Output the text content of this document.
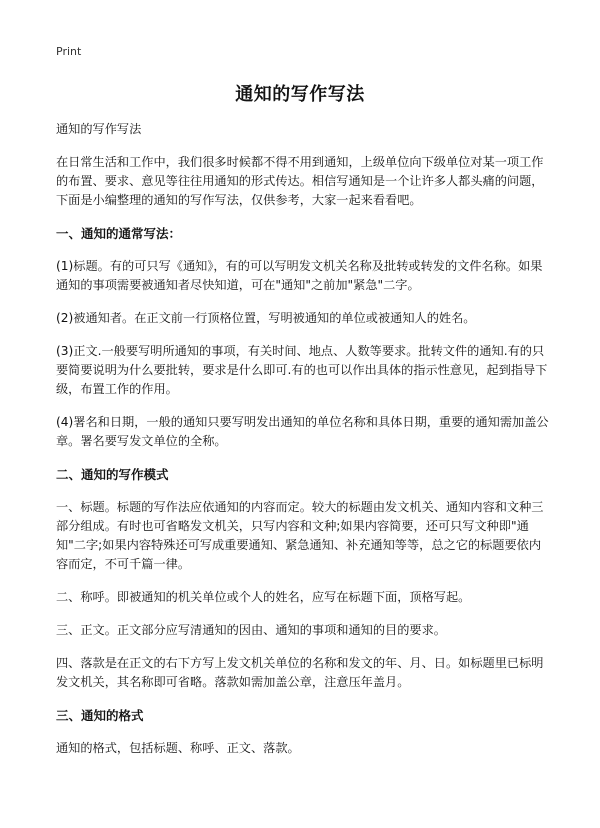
Print
通知的写作写法
通知的写作写法

在日常生活和工作中，我们很多时候都不得不用到通知，上级单位向下级单位对某一项工作的布置、要求、意见等往往用通知的形式传达。相信写通知是一个让许多人都头痛的问题，下面是小编整理的通知的写作写法，仅供参考，大家一起来看看吧。

一、通知的通常写法：

(1)标题。有的可只写《通知》，有的可以写明发文机关名称及批转或转发的文件名称。如果通知的事项需要被通知者尽快知道，可在"通知"之前加"紧急"二字。

(2)被通知者。在正文前一行顶格位置，写明被通知的单位或被通知人的姓名。

(3)正文.一般要写明所通知的事项，有关时间、地点、人数等要求。批转文件的通知.有的只要简要说明为什么要批转，要求是什么即可.有的也可以作出具体的指示性意见，起到指导下级，布置工作的作用。

(4)署名和日期，一般的通知只要写明发出通知的单位名称和具体日期，重要的通知需加盖公章。署名要写发文单位的全称。

二、通知的写作模式

一、标题。标题的写作法应依通知的内容而定。较大的标题由发文机关、通知内容和文种三部分组成。有时也可省略发文机关，只写内容和文种;如果内容简要，还可只写文种即"通知"二字;如果内容特殊还可写成重要通知、紧急通知、补充通知等等，总之它的标题要依内容而定，不可千篇一律。

二、称呼。即被通知的机关单位或个人的姓名，应写在标题下面，顶格写起。

三、正文。正文部分应写清通知的因由、通知的事项和通知的目的要求。

四、落款是在正文的右下方写上发文机关单位的名称和发文的年、月、日。如标题里已标明发文机关，其名称即可省略。落款如需加盖公章，注意压年盖月。

三、通知的格式

通知的格式，包括标题、称呼、正文、落款。
